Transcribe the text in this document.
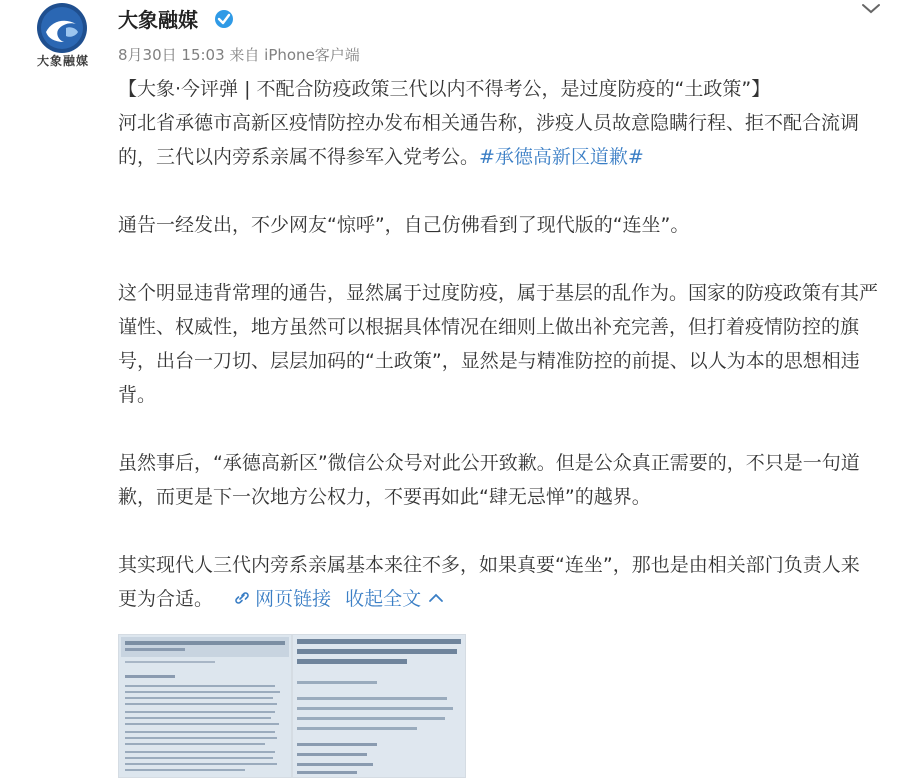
大象融媒
大象融媒
8月30日 15:03 来自 iPhone客户端

【大象·今评弹 | 不配合防疫政策三代以内不得考公，是过度防疫的“土政策”】

河北省承德市高新区疫情防控办发布相关通告称，涉疫人员故意隐瞒行程、拒不配合流调的，三代以内旁系亲属不得参军入党考公。#承德高新区道歉#

通告一经发出，不少网友“惊呼”，自己仿佛看到了现代版的“连坐”。

这个明显违背常理的通告，显然属于过度防疫，属于基层的乱作为。国家的防疫政策有其严谨性、权威性，地方虽然可以根据具体情况在细则上做出补充完善，但打着疫情防控的旗号，出台一刀切、层层加码的“土政策”，显然是与精准防控的前提、以人为本的思想相违背。

虽然事后，“承德高新区”微信公众号对此公开致歉。但是公众真正需要的，不只是一句道歉，而更是下一次地方公权力，不要再如此“肆无忌惮”的越界。

其实现代人三代内旁系亲属基本来往不多，如果真要“连坐”，那也是由相关部门负责人来更为合适。 网页链接 收起全文
